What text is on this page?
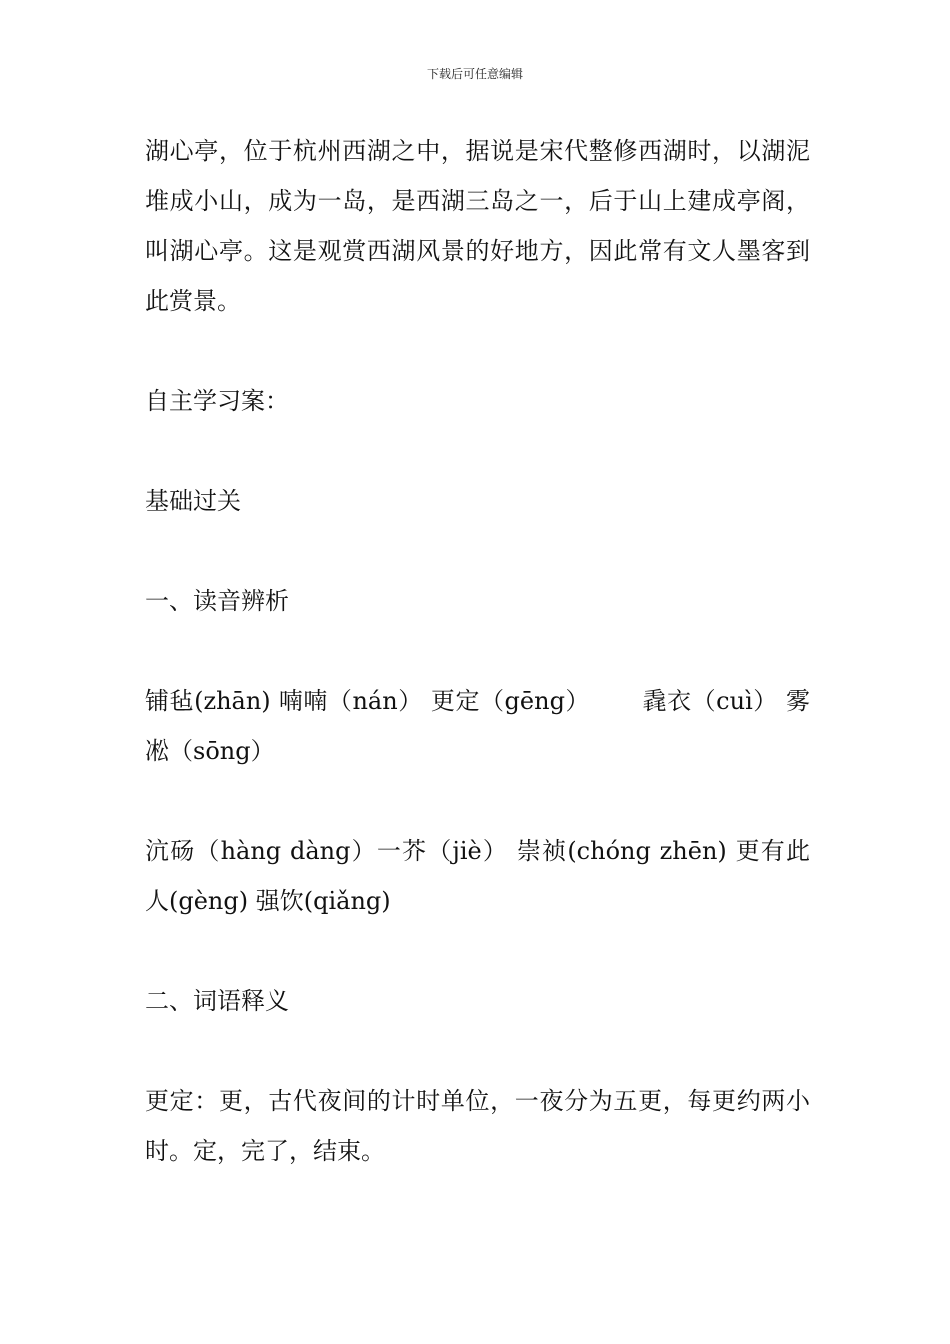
下载后可任意编辑

湖心亭，位于杭州西湖之中，据说是宋代整修西湖时，以湖泥堆成小山，成为一岛，是西湖三岛之一，后于山上建成亭阁，叫湖心亭。这是观赏西湖风景的好地方，因此常有文人墨客到此赏景。

自主学习案：

基础过关

一、读音辨析

铺毡(zhān) 喃喃（nán） 更定（gēng） 毳衣（cuì） 雾凇（sōng）

沆砀（hàng dàng）一芥（jiè） 崇祯(chóng zhēn) 更有此人(gèng) 强饮(qiǎng)

二、词语释义

更定：更，古代夜间的计时单位，一夜分为五更，每更约两小时。定，完了，结束。
